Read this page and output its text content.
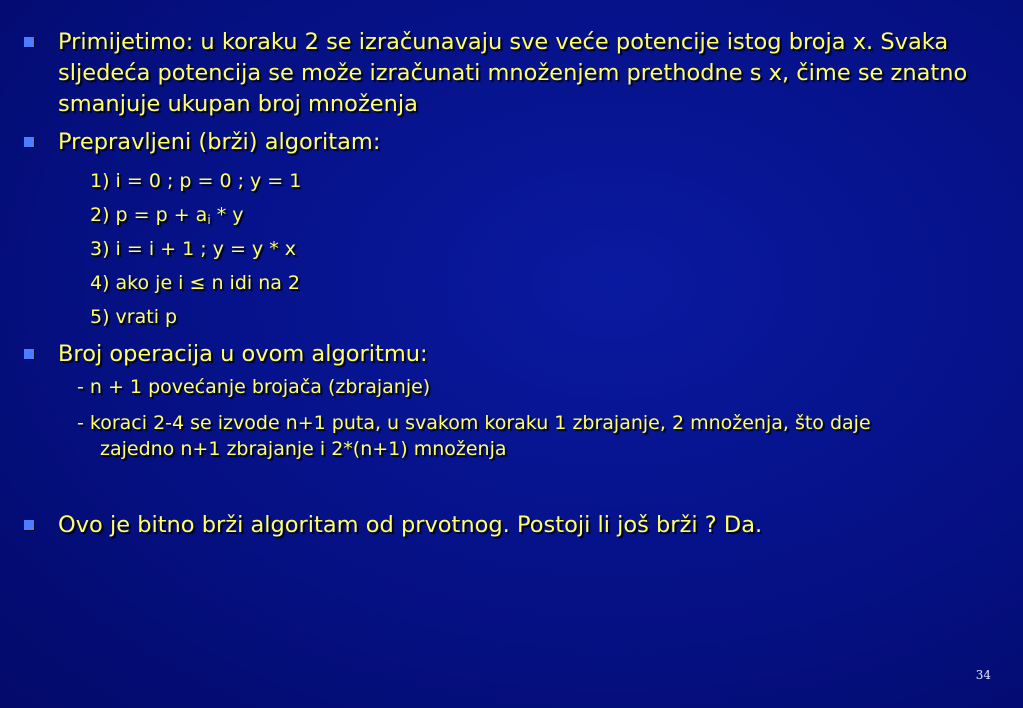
Primijetimo: u koraku 2 se izračunavaju sve veće potencije istog broja x. Svaka sljedeća potencija se može izračunati množenjem prethodne s x, čime se znatno smanjuje ukupan broj množenja
Prepravljeni (brži) algoritam:
1) i = 0 ; p = 0 ; y = 1
2) $p = p + a_i * y$
3) i = i + 1 ; y = y * x
4) ako je i ≤ n idi na 2
5) vrati p
Broj operacija u ovom algoritmu:
- n + 1 povećanje brojača (zbrajanje)
- koraci 2-4 se izvode n+1 puta, u svakom koraku 1 zbrajanje, 2 množenja, što daje
zajedno n+1 zbrajanje i 2*(n+1) množenja
Ovo je bitno brži algoritam od prvotnog. Postoji li još brži ? Da.
34
